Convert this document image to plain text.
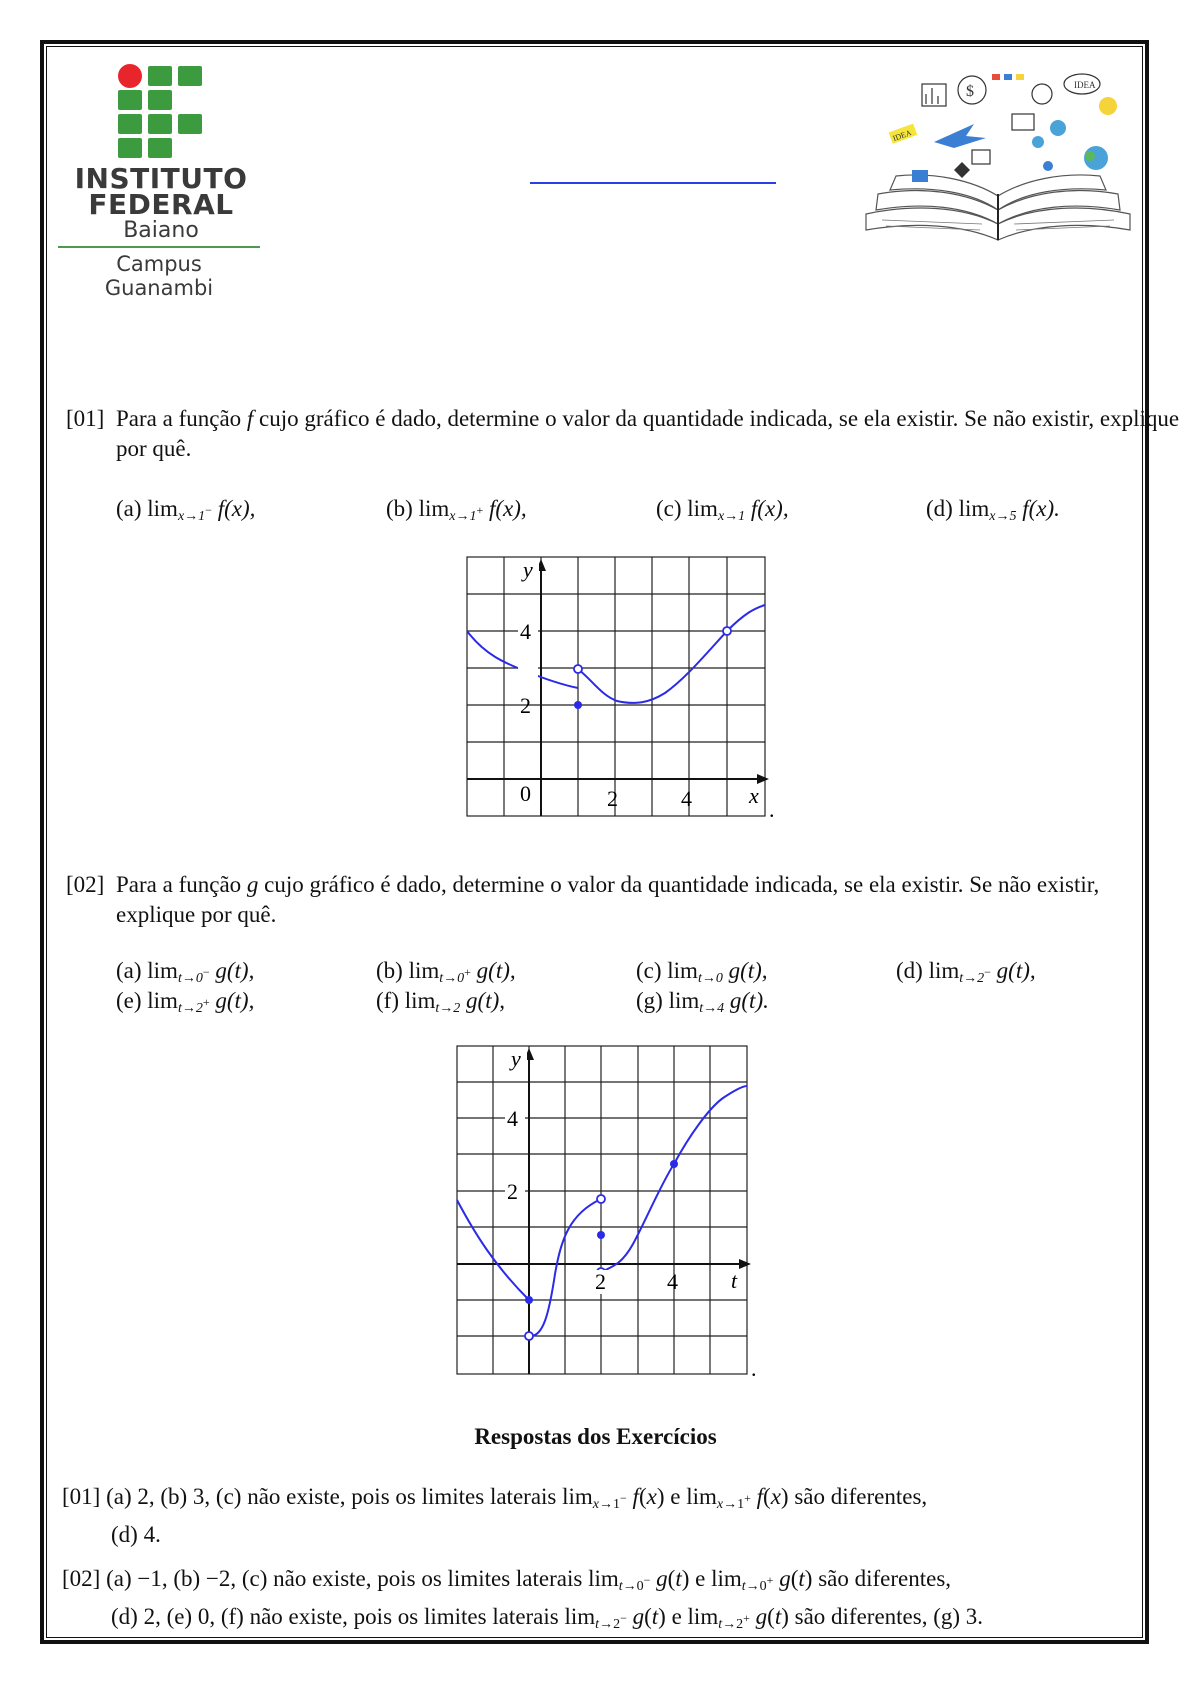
INSTITUTO
FEDERAL
Baiano
Campus
Guanambi
$
IDEA
IDEA
[01] Para a função f cujo gráfico é dado, determine o valor da quantidade indicada, se ela existir. Se não existir, explique por quê.
(a) $\lim_{x\to 1^-} f(x)$,	(b) $\lim_{x\to 1^+} f(x)$,	(c) $\lim_{x\to 1} f(x)$,	(d) $\lim_{x\to 5} f(x)$.
y
4
2
0	2	4	x
.
[02] Para a função g cujo gráfico é dado, determine o valor da quantidade indicada, se ela existir. Se não existir, explique por quê.
(a) $\lim_{t\to 0^-} g(t)$,	(b) $\lim_{t\to 0^+} g(t)$,	(c) $\lim_{t\to 0} g(t)$,	(d) $\lim_{t\to 2^-} g(t)$,
(e) $\lim_{t\to 2^+} g(t)$,	(f) $\lim_{t\to 2} g(t)$,	(g) $\lim_{t\to 4} g(t)$.
y
4
2
2	4 t
.
Respostas dos Exercícios
[01] (a) 2, (b) 3, (c) não existe, pois os limites laterais $\lim_{x\to 1^-} f(x)$ e $\lim_{x\to 1^+} f(x)$ são diferentes,
(d) 4.
[02] (a) −1, (b) −2, (c) não existe, pois os limites laterais $\lim_{t\to 0^-} g(t)$ e $\lim_{t\to 0^+} g(t)$ são diferentes,
(d) 2, (e) 0, (f) não existe, pois os limites laterais $\lim_{t\to 2^-} g(t)$ e $\lim_{t\to 2^+} g(t)$ são diferentes, (g) 3.
